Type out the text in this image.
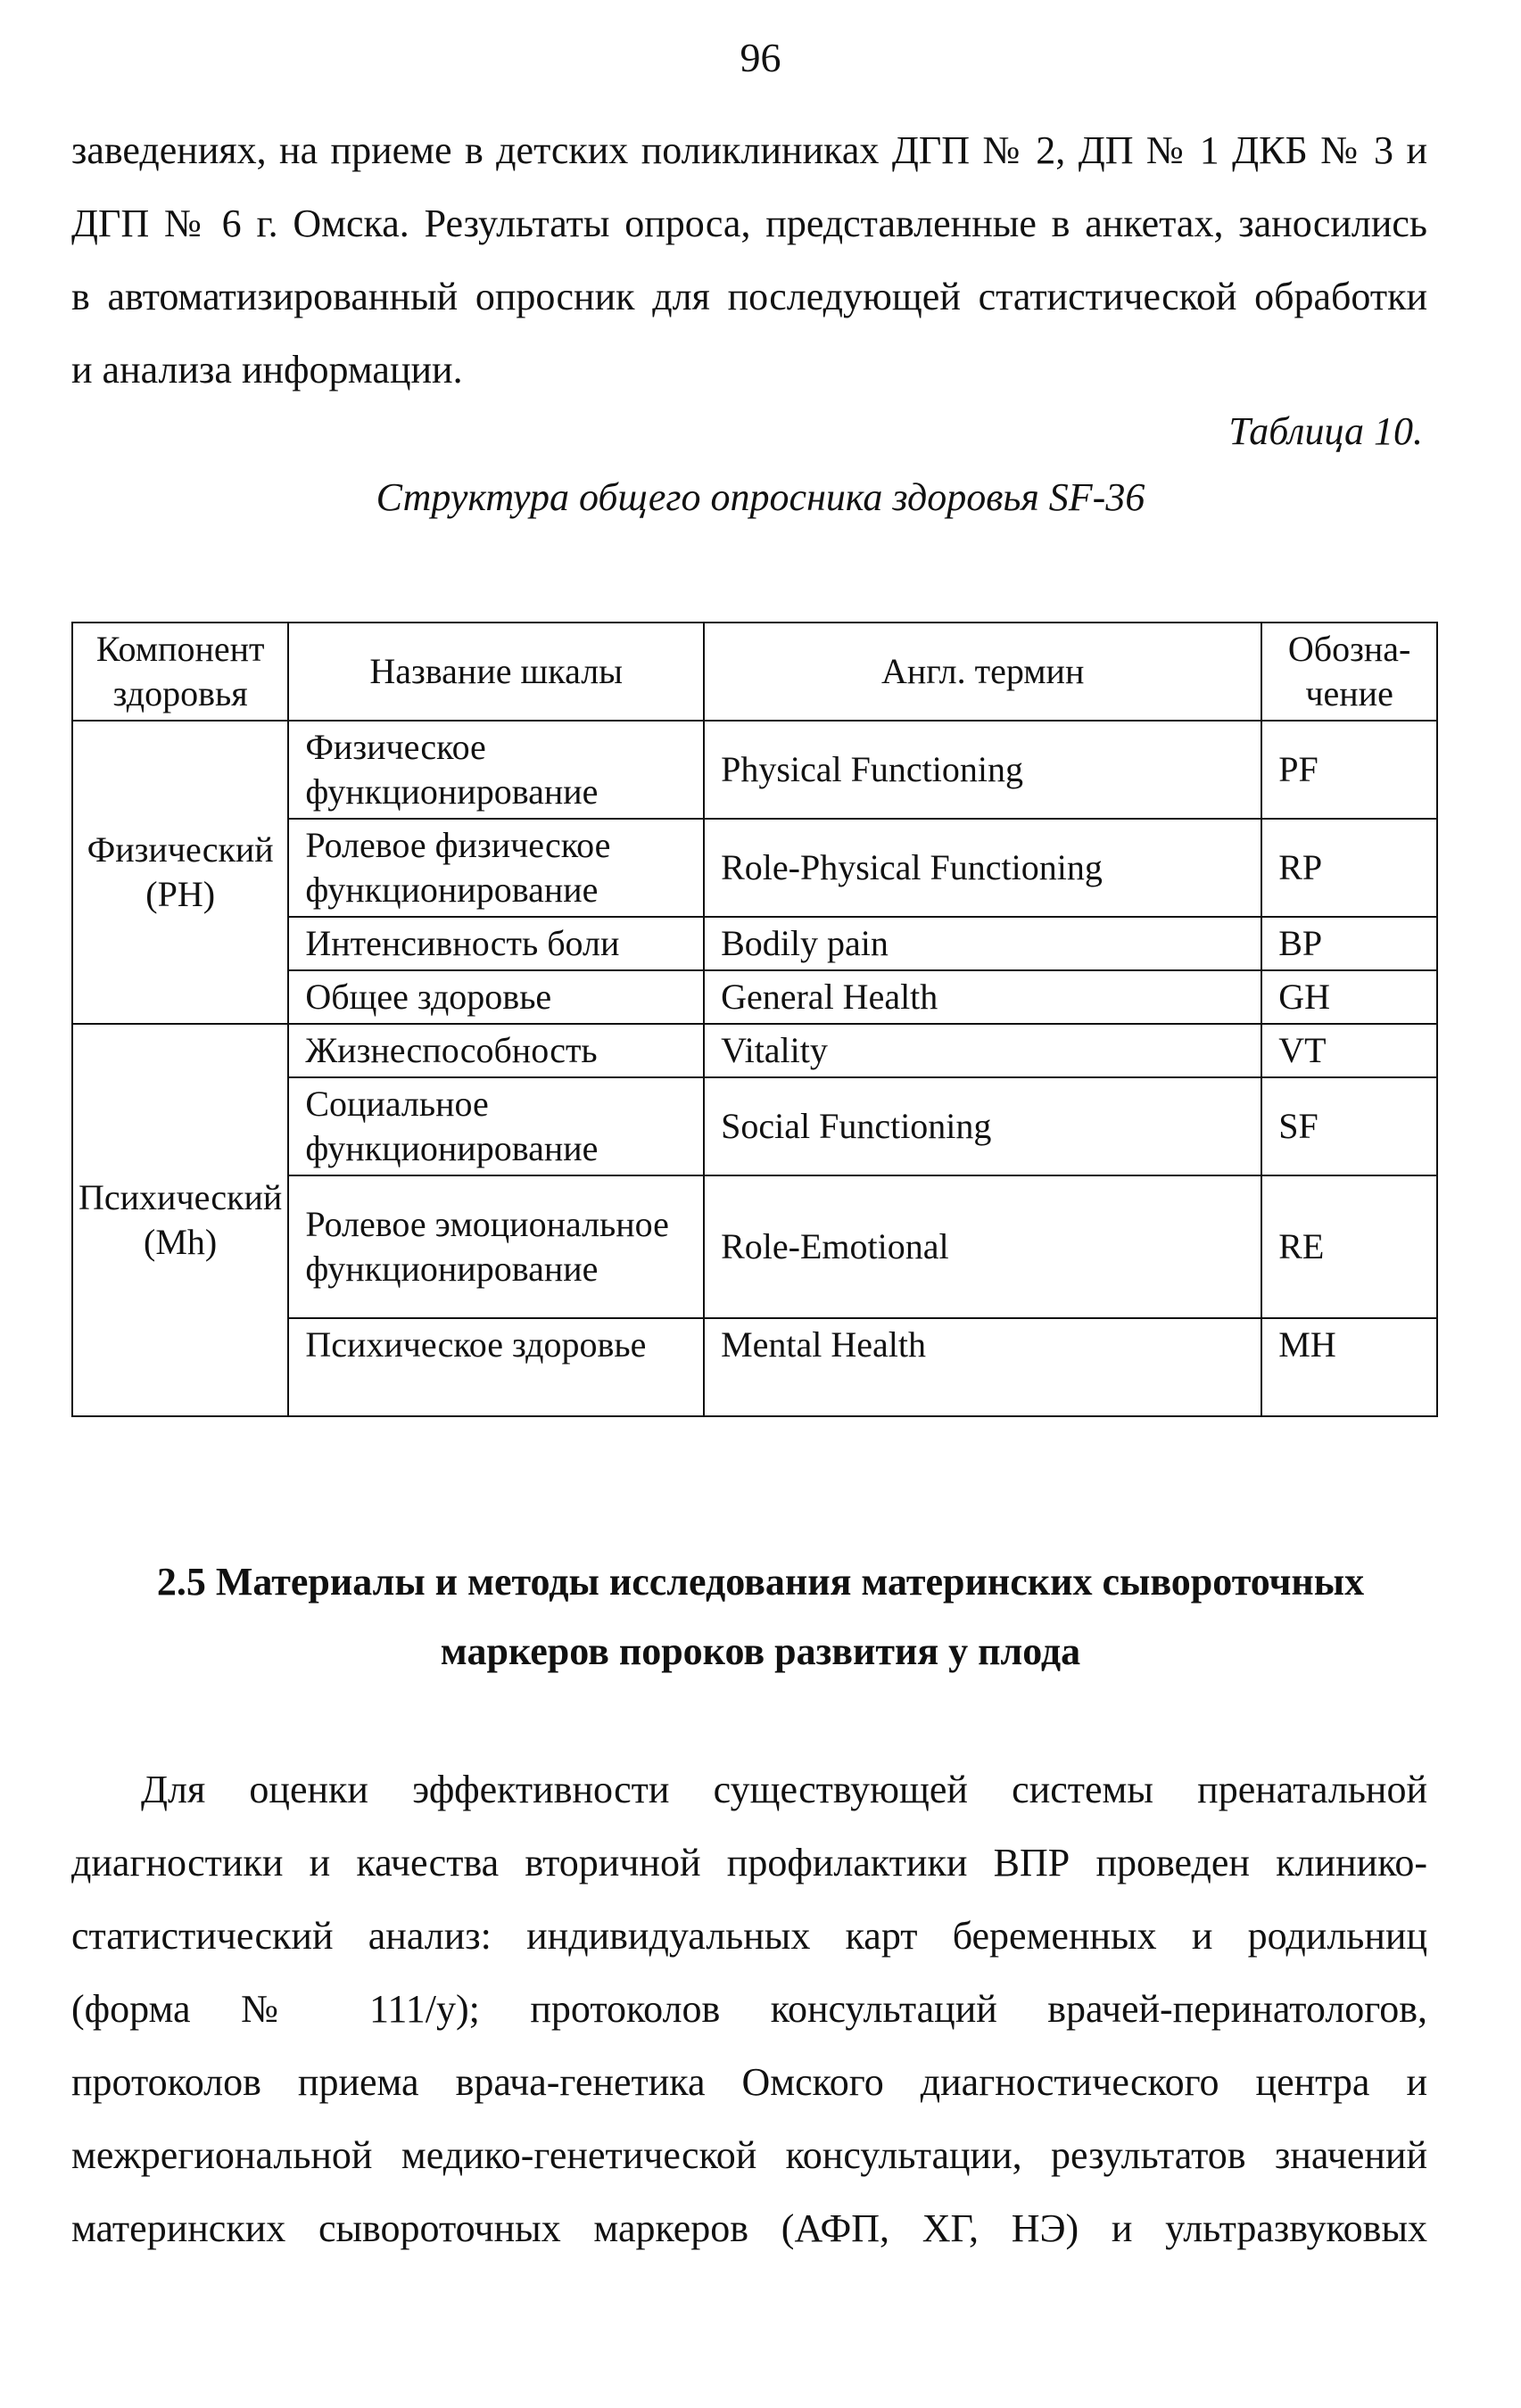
96
заведениях, на приеме в детских поликлиниках ДГП № 2, ДП № 1 ДКБ № 3 и
ДГП № 6 г. Омска. Результаты опроса, представленные в анкетах, заносились
в автоматизированный опросник для последующей статистической обработки
и анализа информации.
Таблица 10.
Структура общего опросника здоровья SF-36
Компонент здоровья	Название шкалы	Англ. термин	Обозна-чение
Физический (PH)	Физическое функционирование	Physical Functioning	PF
	Ролевое физическое функционирование	Role-Physical Functioning	RP
	Интенсивность боли	Bodily pain	BP
	Общее здоровье	General Health	GH
Психический (Mh)	Жизнеспособность	Vitality	VT
	Социальное функционирование	Social Functioning	SF
	Ролевое эмоциональное функционирование	Role-Emotional	RE
	Психическое здоровье	Mental Health	MH
2.5 Материалы и методы исследования материнских сывороточных
маркеров пороков развития у плода
Для оценки эффективности существующей системы пренатальной
диагностики и качества вторичной профилактики ВПР проведен клинико-
статистический анализ: индивидуальных карт беременных и родильниц
(форма № 111/у); протоколов консультаций врачей-перинатологов,
протоколов приема врача-генетика Омского диагностического центра и
межрегиональной медико-генетической консультации, результатов значений
материнских сывороточных маркеров (АФП, ХГ, НЭ) и ультразвуковых
